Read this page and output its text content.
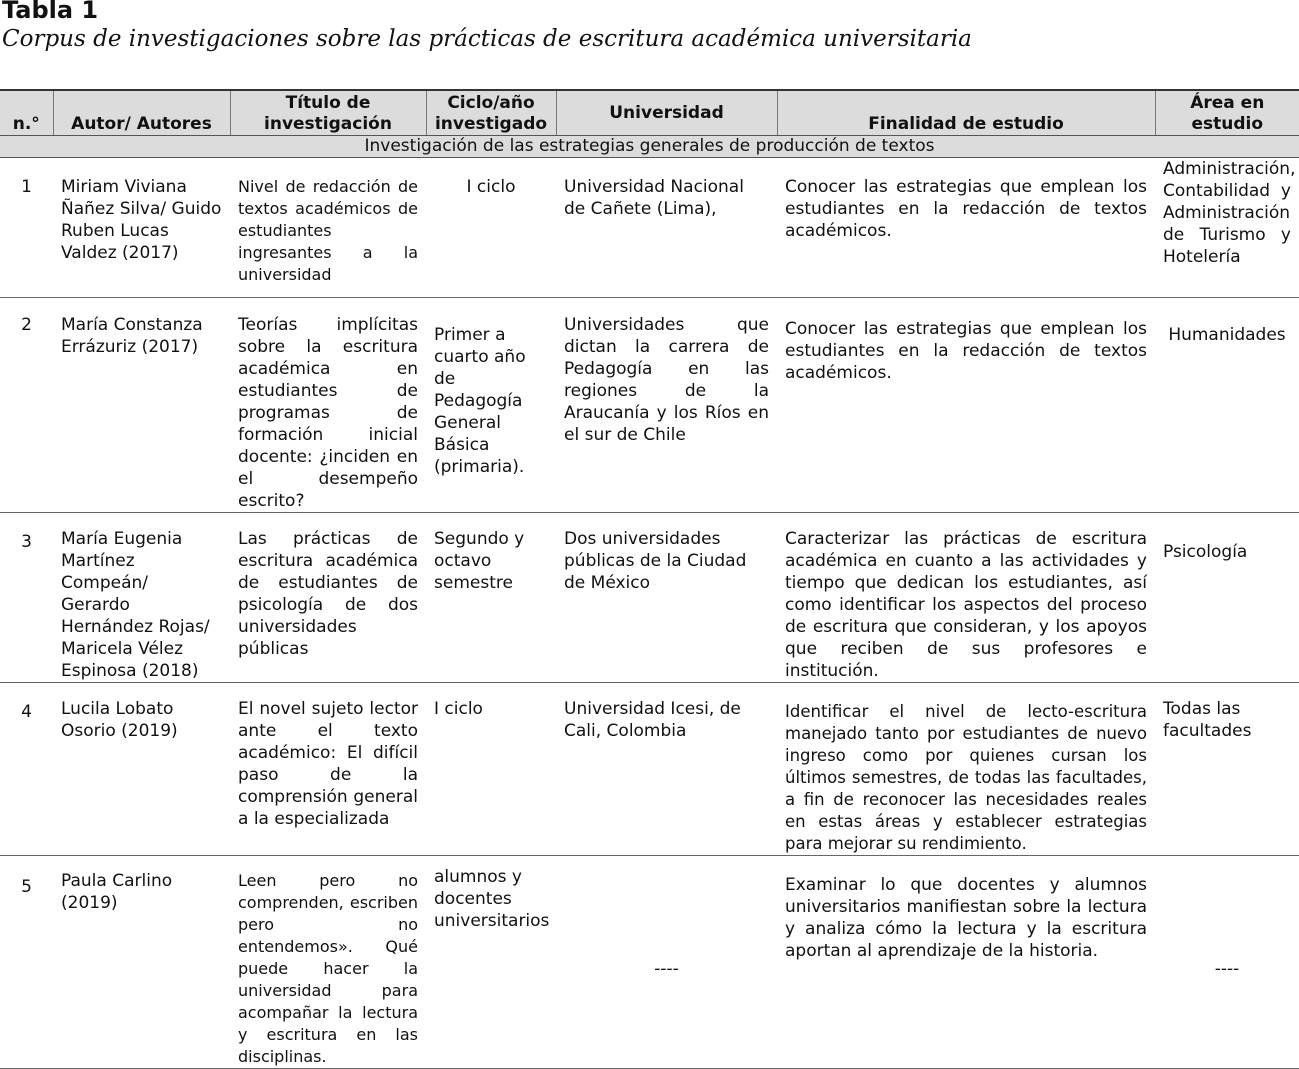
Tabla 1
Corpus de investigaciones sobre las prácticas de escritura académica universitaria
n.°	Autor/ Autores	Título de investigación	Ciclo/año investigado	Universidad	Finalidad de estudio	Área en estudio
Investigación de las estrategias generales de producción de textos						
1	Miriam Viviana Ñañez Silva/ Guido Ruben Lucas Valdez (2017)	Nivel de redacción de textos académicos de estudiantes ingresantes a la universidad	I ciclo	Universidad Nacional de Cañete (Lima),	Conocer las estrategias que emplean los estudiantes en la redacción de textos académicos.	Administración, Contabilidad y Administración de Turismo y Hotelería
2	María Constanza Errázuriz (2017)	Teorías implícitas sobre la escritura académica en estudiantes de programas de formación inicial docente: ¿inciden en el desempeño escrito?	Primer a cuarto año de Pedagogía General Básica (primaria).	Universidades que dictan la carrera de Pedagogía en las regiones de la Araucanía y los Ríos en el sur de Chile	Conocer las estrategias que emplean los estudiantes en la redacción de textos académicos.	Humanidades
3	María Eugenia Martínez Compeán/ Gerardo Hernández Rojas/ Maricela Vélez Espinosa (2018)	Las prácticas de escritura académica de estudiantes de psicología de dos universidades públicas	Segundo y octavo semestre	Dos universidades públicas de la Ciudad de México	Caracterizar las prácticas de escritura académica en cuanto a las actividades y tiempo que dedican los estudiantes, así como identificar los aspectos del proceso de escritura que consideran, y los apoyos que reciben de sus profesores e institución.	Psicología
4	Lucila Lobato Osorio (2019)	El novel sujeto lector ante el texto académico: El difícil paso de la comprensión general a la especializada	I ciclo	Universidad Icesi, de Cali, Colombia	Identificar el nivel de lecto-escritura manejado tanto por estudiantes de nuevo ingreso como por quienes cursan los últimos semestres, de todas las facultades, a fin de reconocer las necesidades reales en estas áreas y establecer estrategias para mejorar su rendimiento.	Todas las facultades
5	Paula Carlino (2019)	Leen pero no comprenden, escriben pero no entendemos». Qué puede hacer la universidad para acompañar la lectura y escritura en las disciplinas.	alumnos y docentes universitarios	----	Examinar lo que docentes y alumnos universitarios manifiestan sobre la lectura y analiza cómo la lectura y la escritura aportan al aprendizaje de la historia.	----
